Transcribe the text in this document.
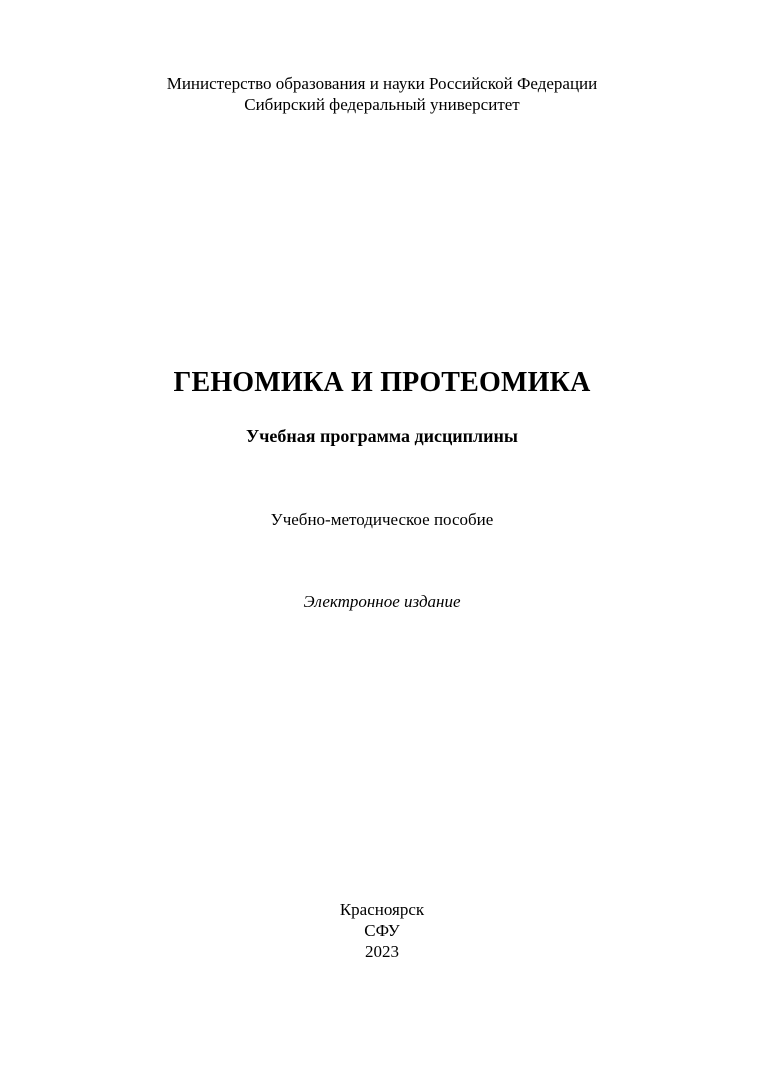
Министерство образования и науки Российской Федерации
Сибирский федеральный университет
ГЕНОМИКА И ПРОТЕОМИКА
Учебная программа дисциплины
Учебно-методическое пособие
Электронное издание
Красноярск
СФУ
2023
